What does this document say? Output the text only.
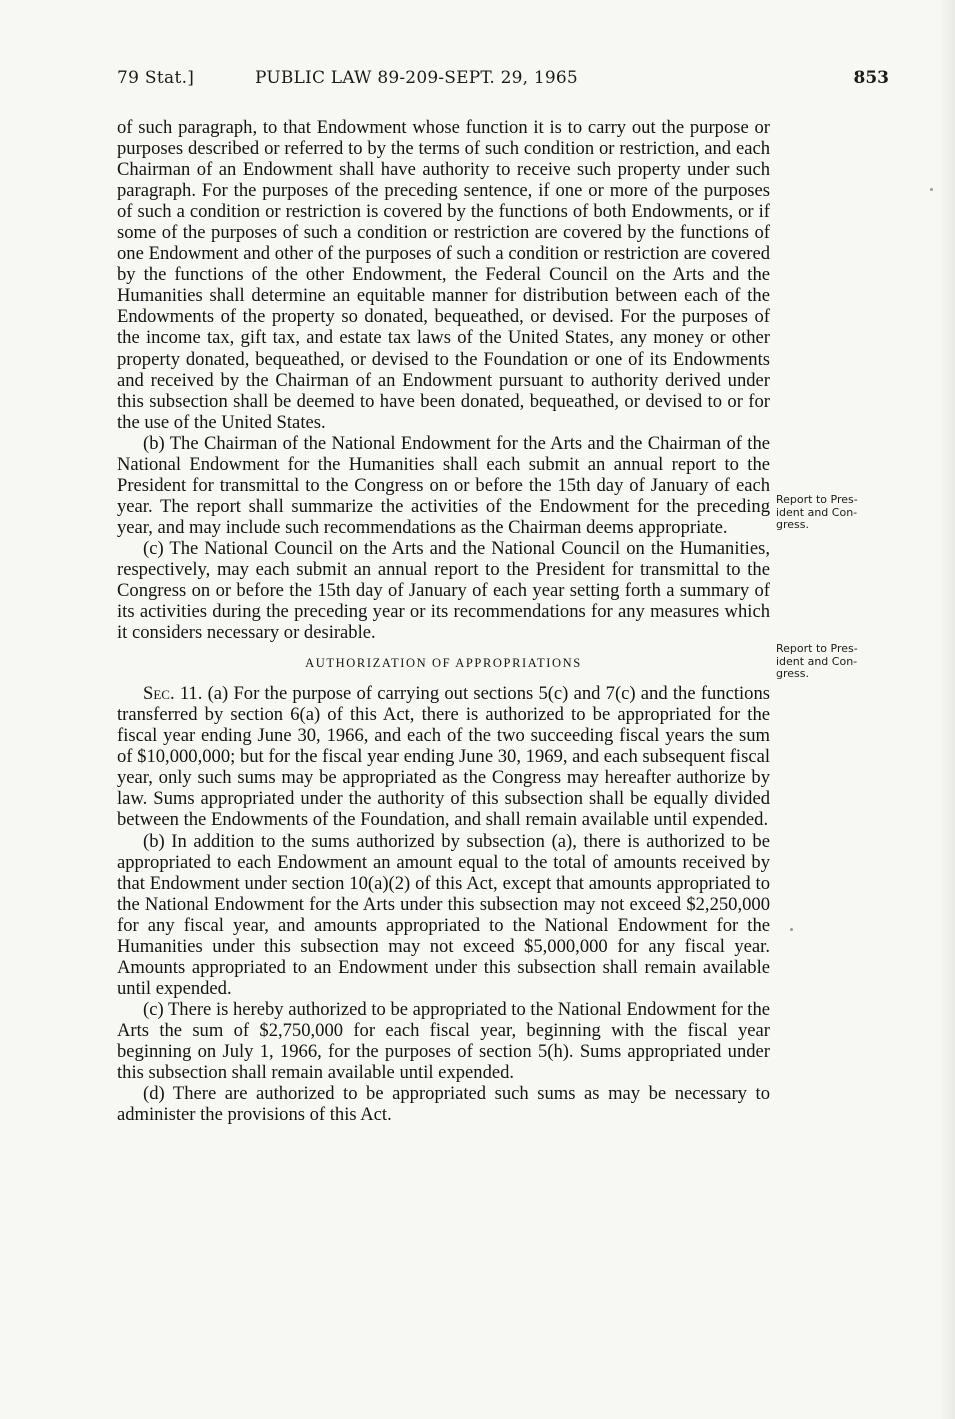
79 Stat.]	PUBLIC LAW 89-209-SEPT. 29, 1965	853

of such paragraph, to that Endowment whose function it is to carry out the purpose or purposes described or referred to by the terms of such condition or restriction, and each Chairman of an Endowment shall have authority to receive such property under such paragraph. For the purposes of the preceding sentence, if one or more of the purposes of such a condition or restriction is covered by the functions of both Endowments, or if some of the purposes of such a condition or restriction are covered by the functions of one Endowment and other of the purposes of such a condition or restriction are covered by the functions of the other Endowment, the Federal Council on the Arts and the Humanities shall determine an equitable manner for distribution between each of the Endowments of the property so donated, bequeathed, or devised. For the purposes of the income tax, gift tax, and estate tax laws of the United States, any money or other property donated, bequeathed, or devised to the Foundation or one of its Endowments and received by the Chairman of an Endowment pursuant to authority derived under this subsection shall be deemed to have been donated, bequeathed, or devised to or for the use of the United States.

(b) The Chairman of the National Endowment for the Arts and the Chairman of the National Endowment for the Humanities shall each submit an annual report to the President for transmittal to the Congress on or before the 15th day of January of each year. The report shall summarize the activities of the Endowment for the preceding year, and may include such recommendations as the Chairman deems appropriate.

(c) The National Council on the Arts and the National Council on the Humanities, respectively, may each submit an annual report to the President for transmittal to the Congress on or before the 15th day of January of each year setting forth a summary of its activities during the preceding year or its recommendations for any measures which it considers necessary or desirable.

AUTHORIZATION OF APPROPRIATIONS

Sec. 11. (a) For the purpose of carrying out sections 5(c) and 7(c) and the functions transferred by section 6(a) of this Act, there is authorized to be appropriated for the fiscal year ending June 30, 1966, and each of the two succeeding fiscal years the sum of $10,000,000; but for the fiscal year ending June 30, 1969, and each subsequent fiscal year, only such sums may be appropriated as the Congress may hereafter authorize by law. Sums appropriated under the authority of this subsection shall be equally divided between the Endowments of the Foundation, and shall remain available until expended.

(b) In addition to the sums authorized by subsection (a), there is authorized to be appropriated to each Endowment an amount equal to the total of amounts received by that Endowment under section 10(a)(2) of this Act, except that amounts appropriated to the National Endowment for the Arts under this subsection may not exceed $2,250,000 for any fiscal year, and amounts appropriated to the National Endowment for the Humanities under this subsection may not exceed $5,000,000 for any fiscal year. Amounts appropriated to an Endowment under this subsection shall remain available until expended.

(c) There is hereby authorized to be appropriated to the National Endowment for the Arts the sum of $2,750,000 for each fiscal year, beginning with the fiscal year beginning on July 1, 1966, for the purposes of section 5(h). Sums appropriated under this subsection shall remain available until expended.

(d) There are authorized to be appropriated such sums as may be necessary to administer the provisions of this Act.

Report to Pres-
ident and Con-
gress.
Report to Pres-
ident and Con-
gress.
